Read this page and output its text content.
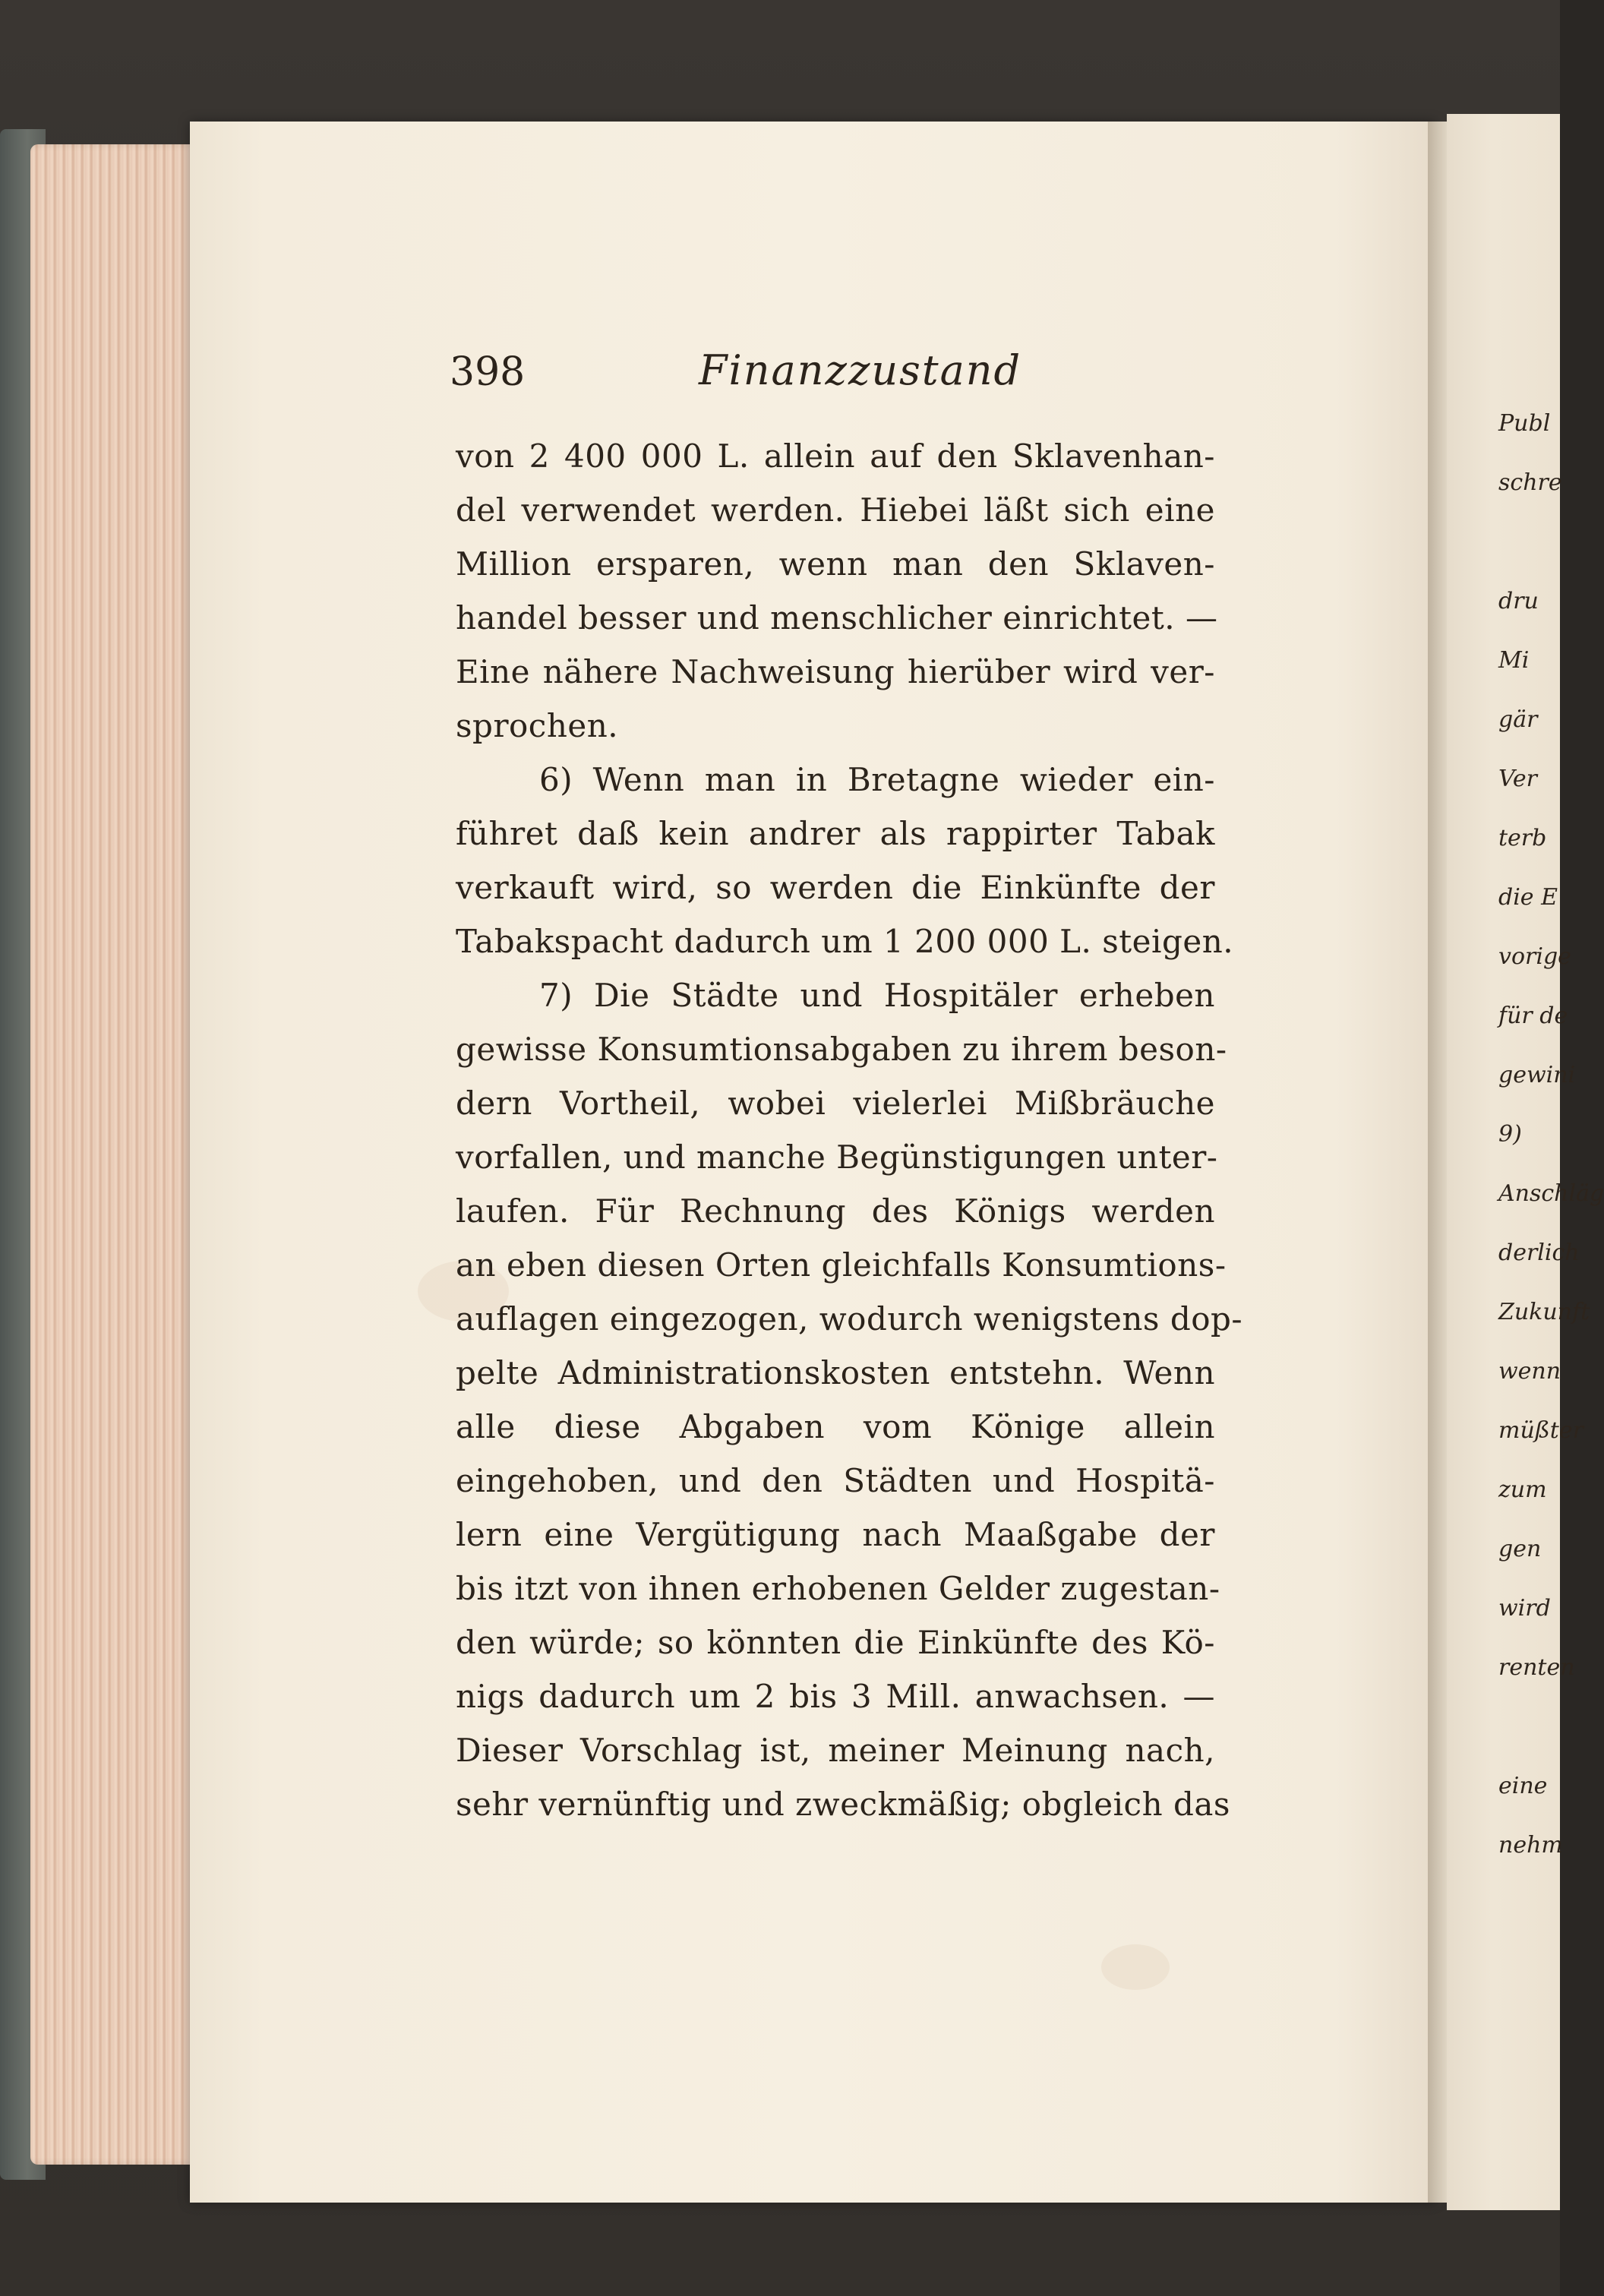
Publ
schre
dru
Mi
gär
Ver
terb
die E
vorige
für de
gewini
9)
Anschläg
derlich
Zukunft
wenn
müßter
zum
gen
wird
renten
eine
nehm
398	Finanzzustand
von 2 400 000 L. allein auf den Sklavenhan-
del verwendet werden. Hiebei läßt sich eine
Million ersparen, wenn man den Sklaven-
handel besser und menschlicher einrichtet. —
Eine nähere Nachweisung hierüber wird ver-
sprochen.
6) Wenn man in Bretagne wieder ein-
führet daß kein andrer als rappirter Tabak
verkauft wird, so werden die Einkünfte der
Tabakspacht dadurch um 1 200 000 L. steigen.
7) Die Städte und Hospitäler erheben
gewisse Konsumtionsabgaben zu ihrem beson-
dern Vortheil, wobei vielerlei Mißbräuche
vorfallen, und manche Begünstigungen unter-
laufen. Für Rechnung des Königs werden
an eben diesen Orten gleichfalls Konsumtions-
auflagen eingezogen, wodurch wenigstens dop-
pelte Administrationskosten entstehn. Wenn
alle diese Abgaben vom Könige allein
eingehoben, und den Städten und Hospitä-
lern eine Vergütigung nach Maaßgabe der
bis itzt von ihnen erhobenen Gelder zugestan-
den würde; so könnten die Einkünfte des Kö-
nigs dadurch um 2 bis 3 Mill. anwachsen. —
Dieser Vorschlag ist, meiner Meinung nach,
sehr vernünftig und zweckmäßig; obgleich das
